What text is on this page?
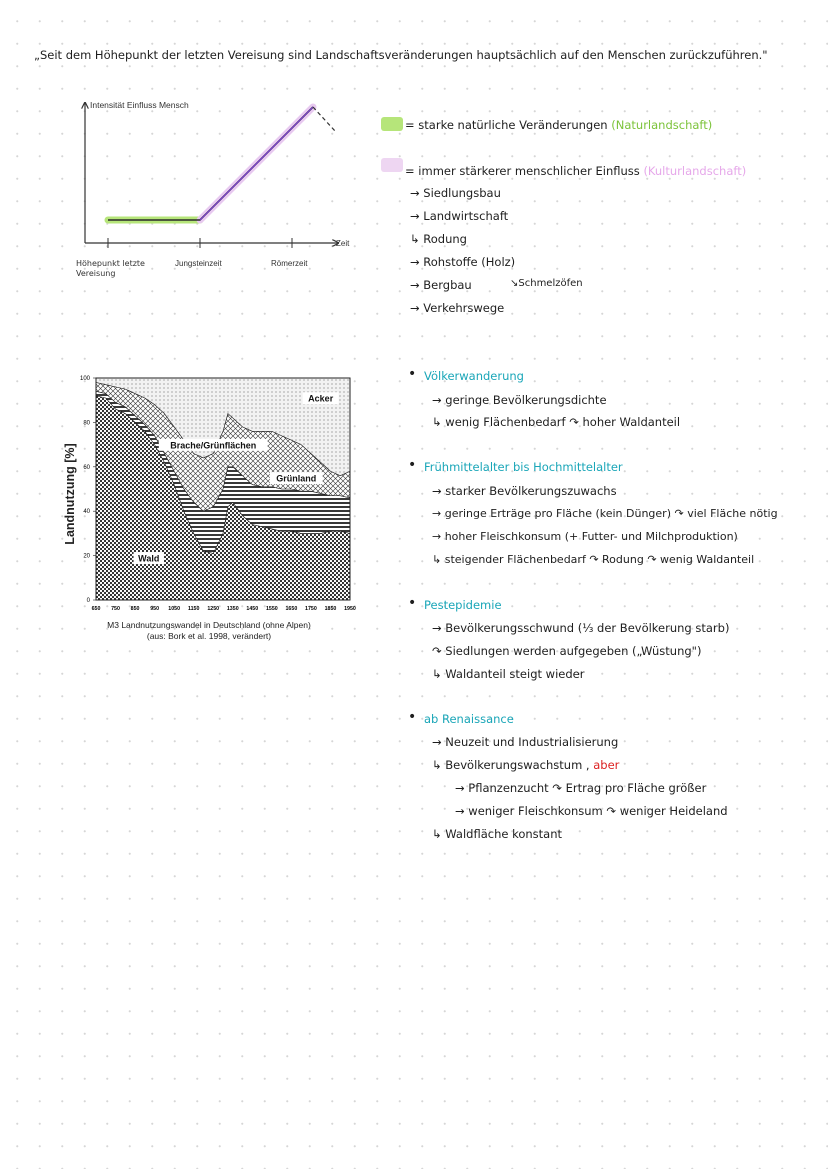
„Seit dem Höhepunkt der letzten Vereisung sind Landschaftsveränderungen hauptsächlich auf den Menschen zurückzuführen."
Intensität Einfluss Mensch
Zeit
Jungsteinzeit	Römerzeit
Höhepunkt letzte Vereisung
= starke natürliche Veränderungen (Naturlandschaft)
= immer stärkerer menschlicher Einfluss (Kulturlandschaft)
→ Siedlungsbau
→ Landwirtschaft
↳ Rodung
→ Rohstoffe (Holz)
→ Bergbau	↘Schmelzöfen
→ Verkehrswege
Landnutzung [%]
0
20
40
60
80
100
650 750 850 950 1050 1150 1250 1350 1450 1550 1650 1750 1850 1950
Wald
Grünland
Brache/Grünflächen
Acker
M3 Landnutzungswandel in Deutschland (ohne Alpen)
(aus: Bork et al. 1998, verändert)
• Völkerwanderung
→ geringe Bevölkerungsdichte
↳ wenig Flächenbedarf ↷ hoher Waldanteil
• Frühmittelalter bis Hochmittelalter
→ starker Bevölkerungszuwachs
→ geringe Erträge pro Fläche (kein Dünger) ↷ viel Fläche nötig
→ hoher Fleischkonsum (+ Futter- und Milchproduktion)
↳ steigender Flächenbedarf ↷ Rodung ↷ wenig Waldanteil
• Pestepidemie
→ Bevölkerungsschwund (⅓ der Bevölkerung starb)
↷ Siedlungen werden aufgegeben („Wüstung")
↳ Waldanteil steigt wieder
• ab Renaissance
→ Neuzeit und Industrialisierung
↳ Bevölkerungswachstum , aber
→ Pflanzenzucht ↷ Ertrag pro Fläche größer
→ weniger Fleischkonsum ↷ weniger Heideland
↳ Waldfläche konstant
